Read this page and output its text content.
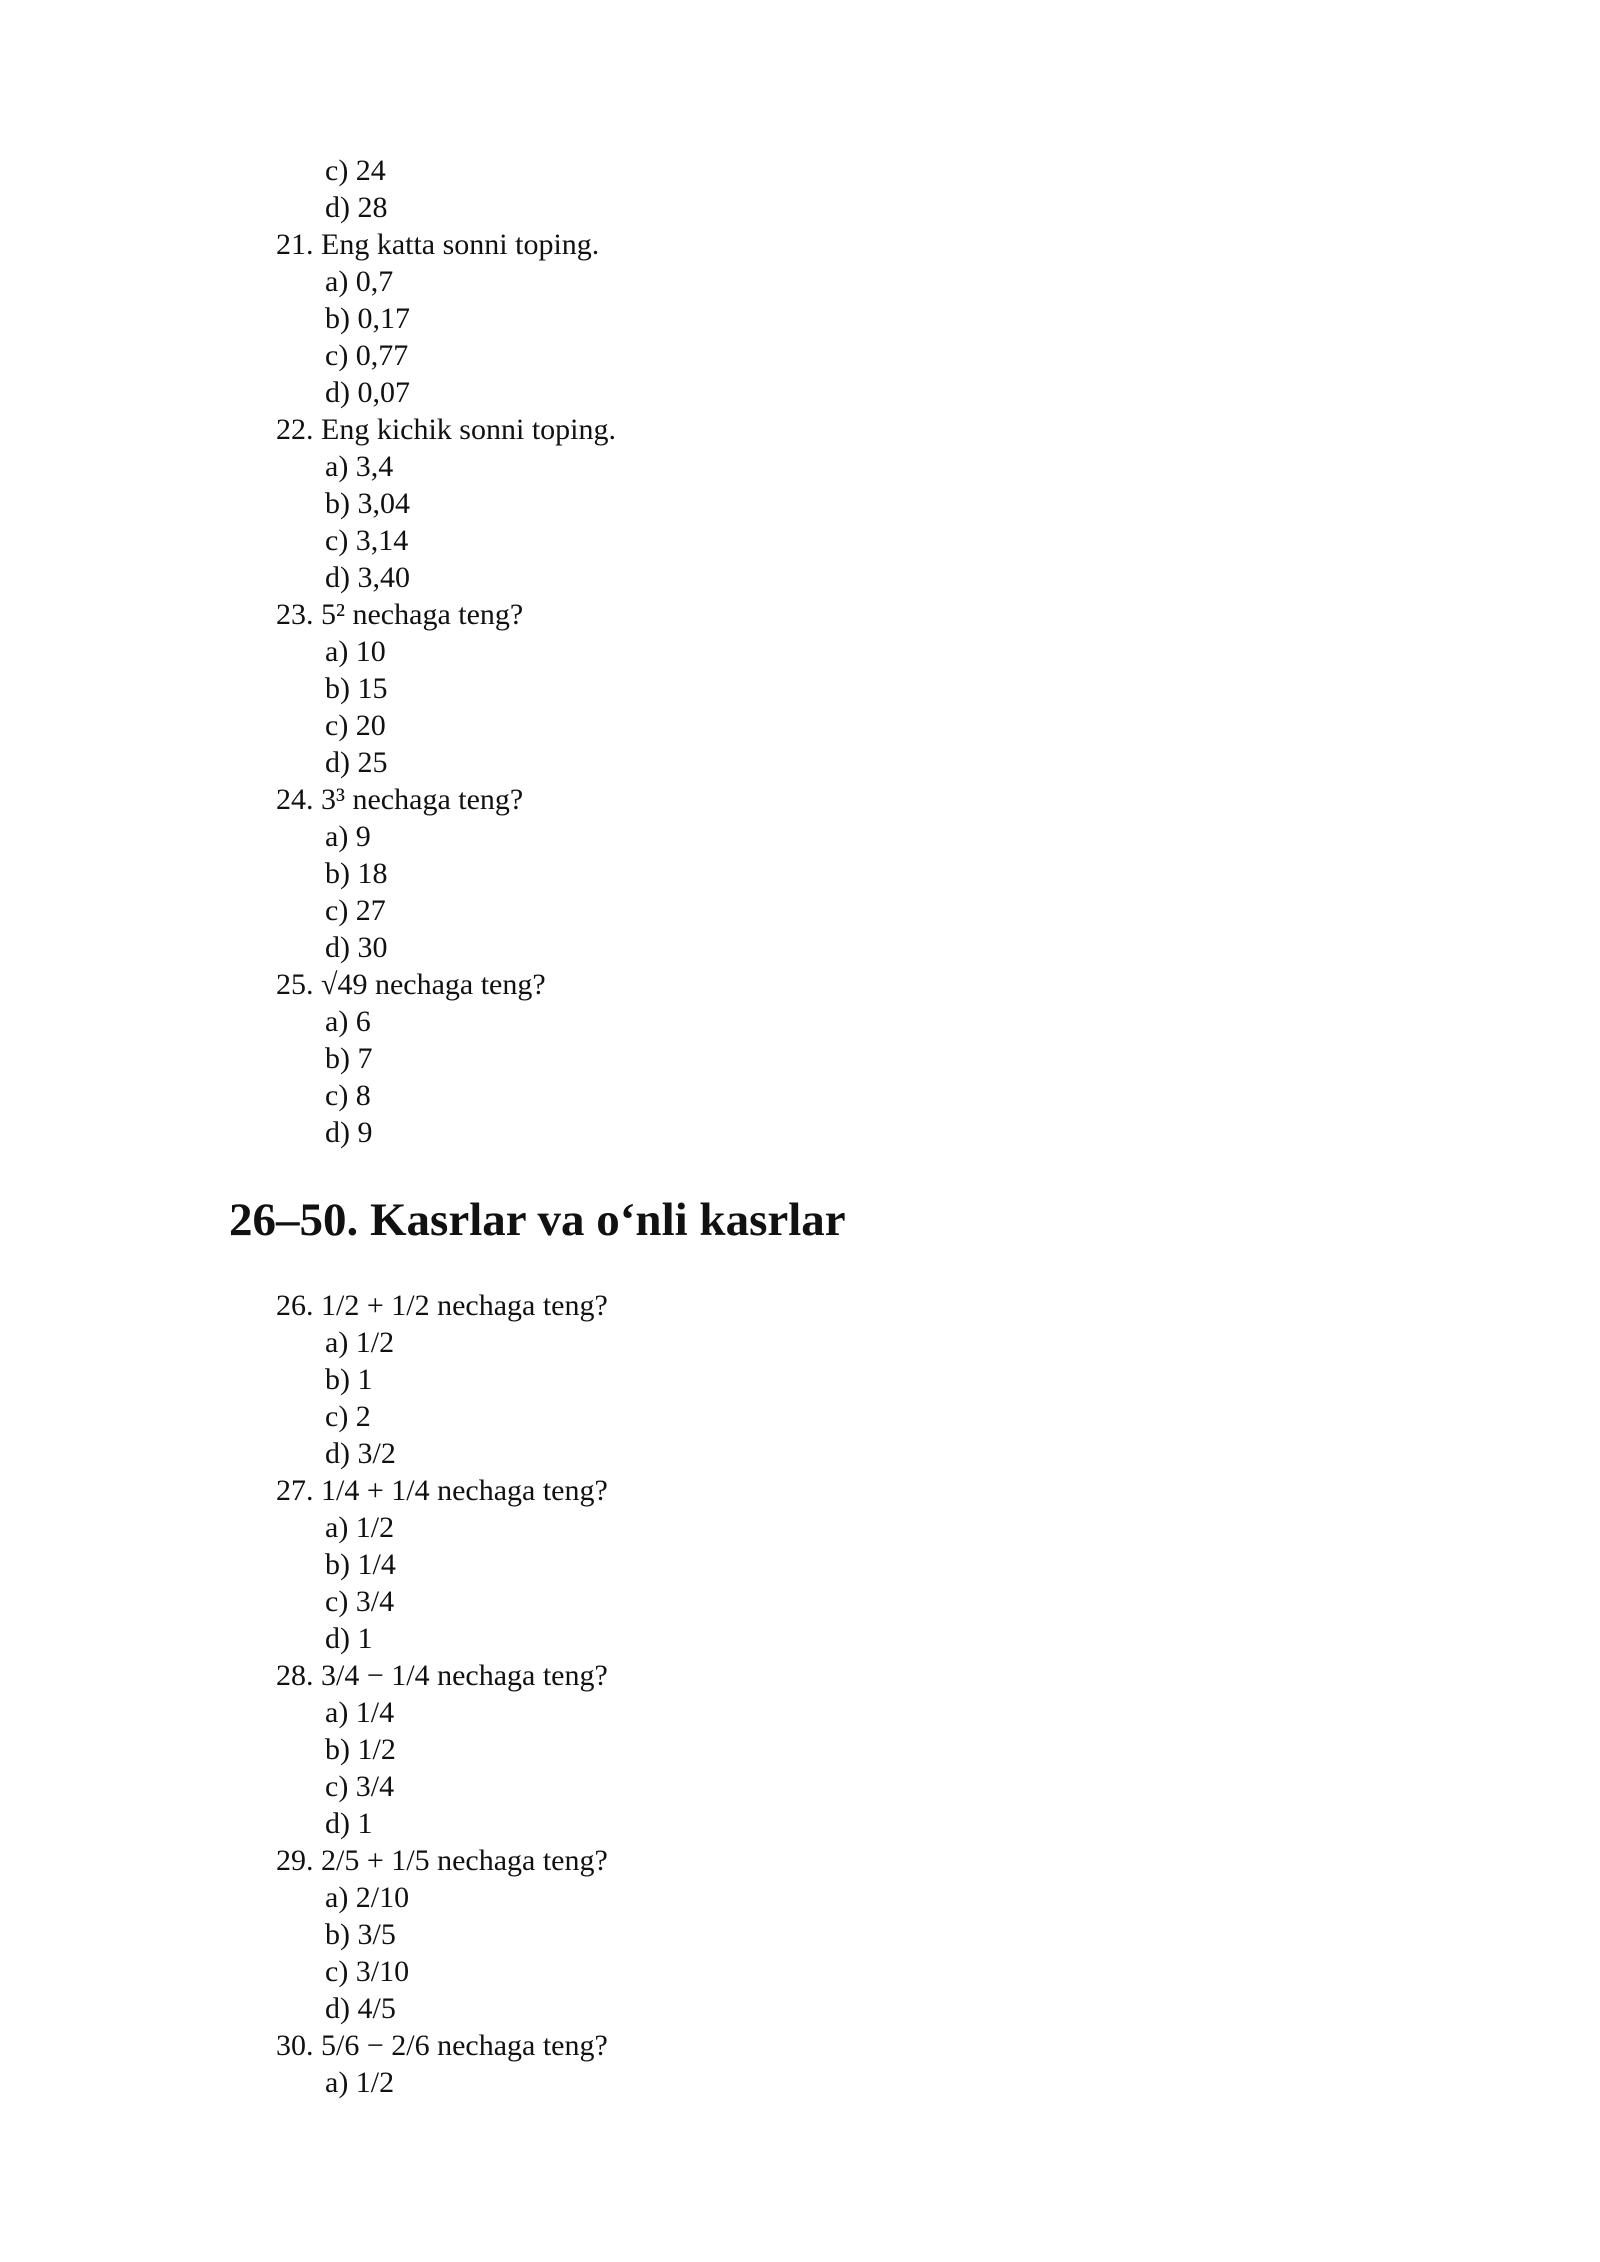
c) 24
d) 28
21. Eng katta sonni toping.
a) 0,7
b) 0,17
c) 0,77
d) 0,07
22. Eng kichik sonni toping.
a) 3,4
b) 3,04
c) 3,14
d) 3,40
23. 5² nechaga teng?
a) 10
b) 15
c) 20
d) 25
24. 3³ nechaga teng?
a) 9
b) 18
c) 27
d) 30
25. √49 nechaga teng?
a) 6
b) 7
c) 8
d) 9
26–50. Kasrlar va o‘nli kasrlar
26. 1/2 + 1/2 nechaga teng?
a) 1/2
b) 1
c) 2
d) 3/2
27. 1/4 + 1/4 nechaga teng?
a) 1/2
b) 1/4
c) 3/4
d) 1
28. 3/4 − 1/4 nechaga teng?
a) 1/4
b) 1/2
c) 3/4
d) 1
29. 2/5 + 1/5 nechaga teng?
a) 2/10
b) 3/5
c) 3/10
d) 4/5
30. 5/6 − 2/6 nechaga teng?
a) 1/2
